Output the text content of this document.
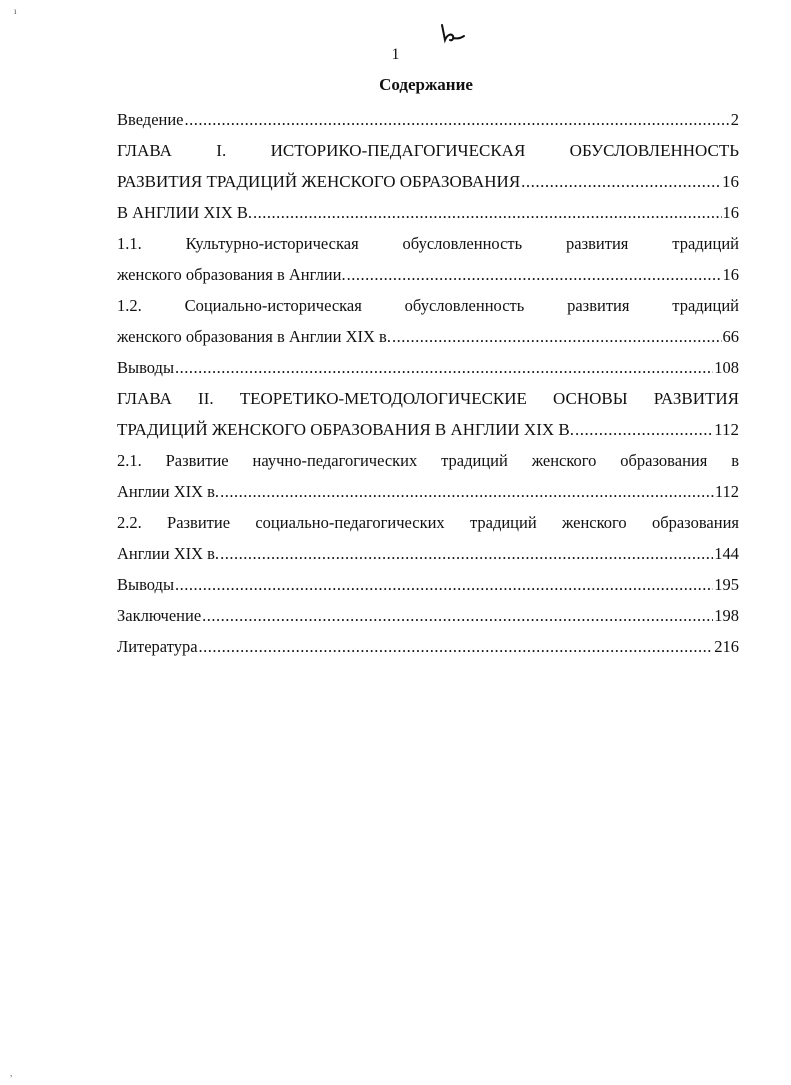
ı
,
1
Содержание
Введение .....	2
ГЛАВА I. ИСТОРИКО-ПЕДАГОГИЧЕСКАЯ ОБУСЛОВЛЕННОСТЬ
РАЗВИТИЯ ТРАДИЦИЙ ЖЕНСКОГО ОБРАЗОВАНИЯ .....	16
В АНГЛИИ XIX В. .....	16
1.1. Культурно-историческая обусловленность развития традиций
женского образования в Англии. .....	16
1.2. Социально-историческая обусловленность развития традиций
женского образования в Англии XIX в. .....	66
Выводы .....	108
ГЛАВА II. ТЕОРЕТИКО-МЕТОДОЛОГИЧЕСКИЕ ОСНОВЫ РАЗВИТИЯ
ТРАДИЦИЙ ЖЕНСКОГО ОБРАЗОВАНИЯ В АНГЛИИ XIX В. .....	112
2.1. Развитие научно-педагогических традиций женского образования в
Англии XIX в. .....	112
2.2. Развитие социально-педагогических традиций женского образования
Англии XIX в. .....	144
Выводы .....	195
Заключение .....	198
Литература .....	216
